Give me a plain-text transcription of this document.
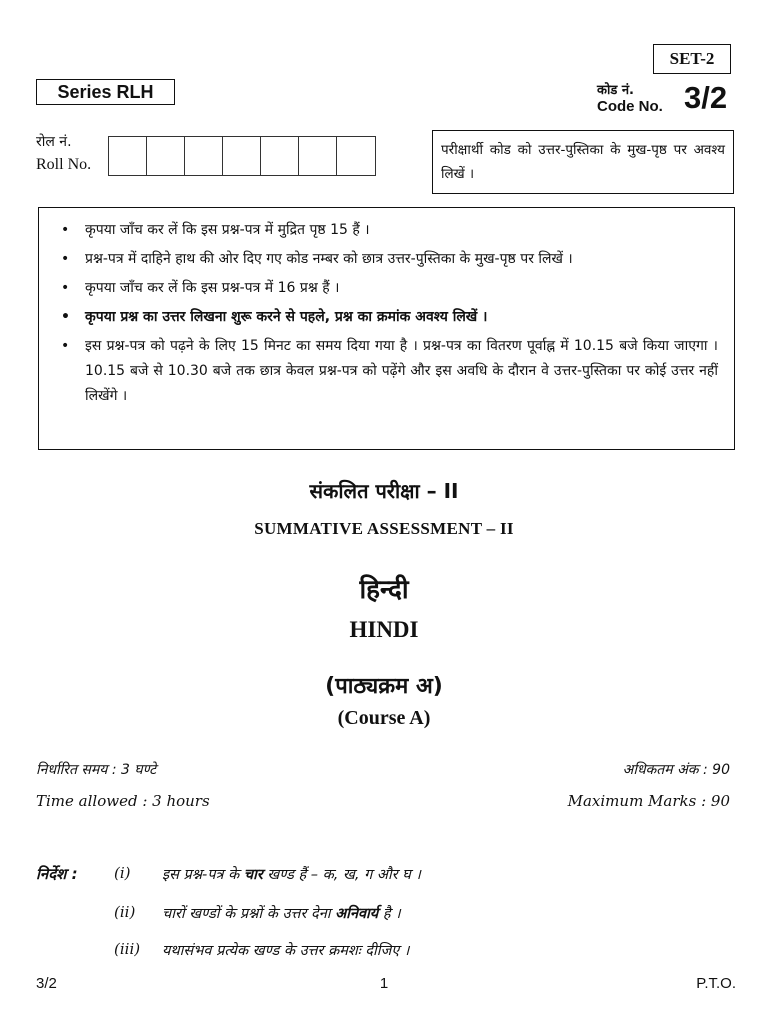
SET-2
Series RLH	कोड नं.
Code No. 3/2
रोल नं.
Roll No.
परीक्षार्थी कोड को उत्तर-पुस्तिका के मुख-पृष्ठ पर अवश्य लिखें ।
• कृपया जाँच कर लें कि इस प्रश्न-पत्र में मुद्रित पृष्ठ 15 हैं ।
• प्रश्न-पत्र में दाहिने हाथ की ओर दिए गए कोड नम्बर को छात्र उत्तर-पुस्तिका के मुख-पृष्ठ पर लिखें ।
• कृपया जाँच कर लें कि इस प्रश्न-पत्र में 16 प्रश्न हैं ।
• कृपया प्रश्न का उत्तर लिखना शुरू करने से पहले, प्रश्न का क्रमांक अवश्य लिखें ।
• इस प्रश्न-पत्र को पढ़ने के लिए 15 मिनट का समय दिया गया है । प्रश्न-पत्र का वितरण पूर्वाह्न में 10.15 बजे किया जाएगा । 10.15 बजे से 10.30 बजे तक छात्र केवल प्रश्न-पत्र को पढ़ेंगे और इस अवधि के दौरान वे उत्तर-पुस्तिका पर कोई उत्तर नहीं लिखेंगे ।
संकलित परीक्षा – II
SUMMATIVE ASSESSMENT – II
हिन्दी
HINDI
(पाठ्यक्रम अ)
(Course A)
निर्धारित समय : 3 घण्टे
Time allowed : 3 hours
अधिकतम अंक : 90
Maximum Marks : 90
निर्देश : (i) इस प्रश्न-पत्र के चार खण्ड हैं – क, ख, ग और घ ।
(ii) चारों खण्डों के प्रश्नों के उत्तर देना अनिवार्य है ।
(iii) यथासंभव प्रत्येक खण्ड के उत्तर क्रमशः दीजिए ।
3/2	1	P.T.O.
